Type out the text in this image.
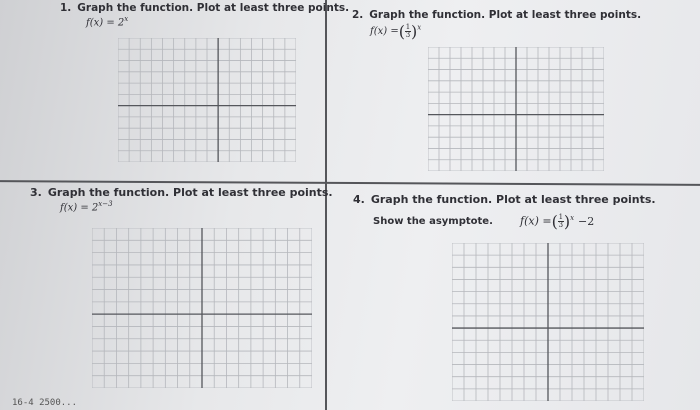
1. Graph the function. Plot at least three points.
$f(x) = 2^x$	2. Graph the function. Plot at least three points.
f(x) =( $\frac{1}{3} )^x$
3. Graph the function. Plot at least three points.
$f(x) = 2^{x-3}$	4. Graph the function. Plot at least three points.
Show the asymptote. f(x) =( $\frac{1}{3} )^x -2$
16-4 2500...
